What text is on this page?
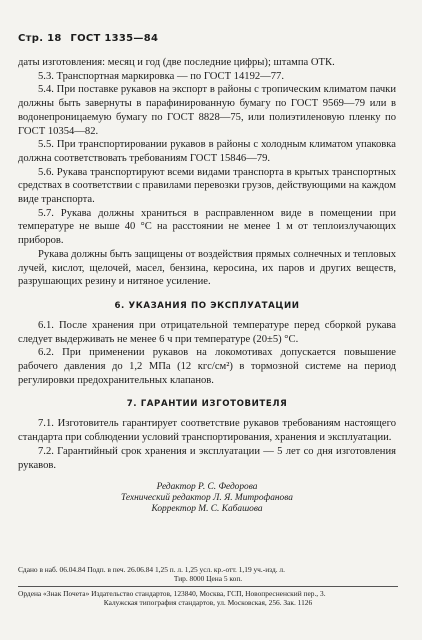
Стр. 18 ГОСТ 1335—84

даты изготовления: месяц и год (две последние цифры); штампа ОТК.

5.3. Транспортная маркировка — по ГОСТ 14192—77.

5.4. При поставке рукавов на экспорт в районы с тропическим климатом пачки должны быть завернуты в парафинированную бумагу по ГОСТ 9569—79 или в водонепроницаемую бумагу по ГОСТ 8828—75, или полиэтиленовую пленку по ГОСТ 10354—82.

5.5. При транспортировании рукавов в районы с холодным климатом упаковка должна соответствовать требованиям ГОСТ 15846—79.

5.6. Рукава транспортируют всеми видами транспорта в крытых транспортных средствах в соответствии с правилами перевозки грузов, действующими на каждом виде транспорта.

5.7. Рукава должны храниться в расправленном виде в помещении при температуре не выше 40 °С на расстоянии не менее 1 м от теплоизлучающих приборов.

Рукава должны быть защищены от воздействия прямых солнечных и тепловых лучей, кислот, щелочей, масел, бензина, керосина, их паров и других веществ, разрушающих резину и нитяное усиление.

6. УКАЗАНИЯ ПО ЭКСПЛУАТАЦИИ

6.1. После хранения при отрицательной температуре перед сборкой рукава следует выдерживать не менее 6 ч при температуре (20±5) °С.

6.2. При применении рукавов на локомотивах допускается повышение рабочего давления до 1,2 МПа (12 кгс/см²) в тормозной системе на период регулировки предохранительных клапанов.

7. ГАРАНТИИ ИЗГОТОВИТЕЛЯ

7.1. Изготовитель гарантирует соответствие рукавов требованиям настоящего стандарта при соблюдении условий транспортирования, хранения и эксплуатации.

7.2. Гарантийный срок хранения и эксплуатации — 5 лет со дня изготовления рукавов.

Редактор Р. С. Федорова
Технический редактор Л. Я. Митрофанова
Корректор М. С. Кабашова
Сдано в наб. 06.04.84 Подп. в печ. 26.06.84 1,25 п. л. 1,25 усл. кр.-отт. 1,19 уч.-изд. л.
Тир. 8000 Цена 5 коп.
Ордена «Знак Почета» Издательство стандартов, 123840, Москва, ГСП, Новопресненский пер., 3.
Калужская типография стандартов, ул. Московская, 256. Зак. 1126
